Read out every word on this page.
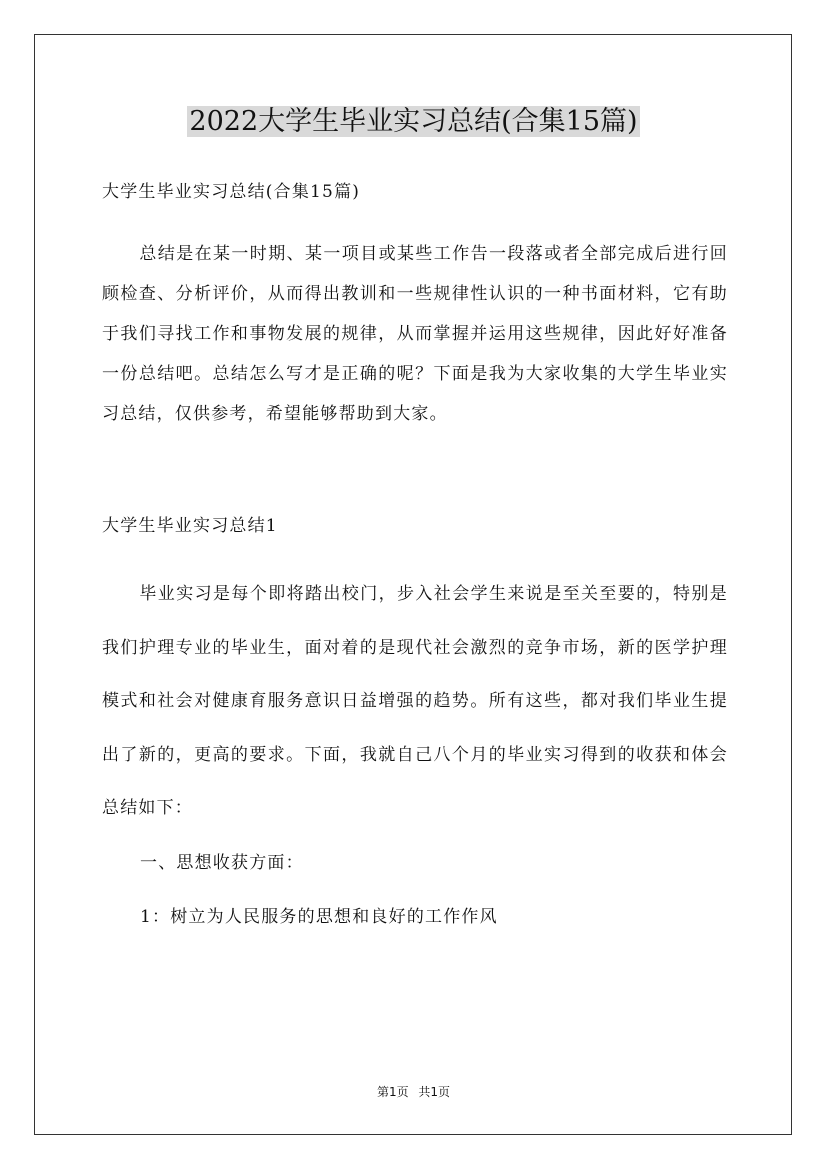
2022大学生毕业实习总结(合集15篇)

大学生毕业实习总结(合集15篇)

总结是在某一时期、某一项目或某些工作告一段落或者全部完成后进行回顾检查、分析评价，从而得出教训和一些规律性认识的一种书面材料，它有助于我们寻找工作和事物发展的规律，从而掌握并运用这些规律，因此好好准备一份总结吧。总结怎么写才是正确的呢？下面是我为大家收集的大学生毕业实习总结，仅供参考，希望能够帮助到大家。

大学生毕业实习总结1

毕业实习是每个即将踏出校门，步入社会学生来说是至关至要的，特别是我们护理专业的毕业生，面对着的是现代社会激烈的竞争市场，新的医学护理模式和社会对健康育服务意识日益增强的趋势。所有这些，都对我们毕业生提出了新的，更高的要求。下面，我就自己八个月的毕业实习得到的收获和体会总结如下：

一、思想收获方面：

1：树立为人民服务的思想和良好的工作作风

第1页 共1页
